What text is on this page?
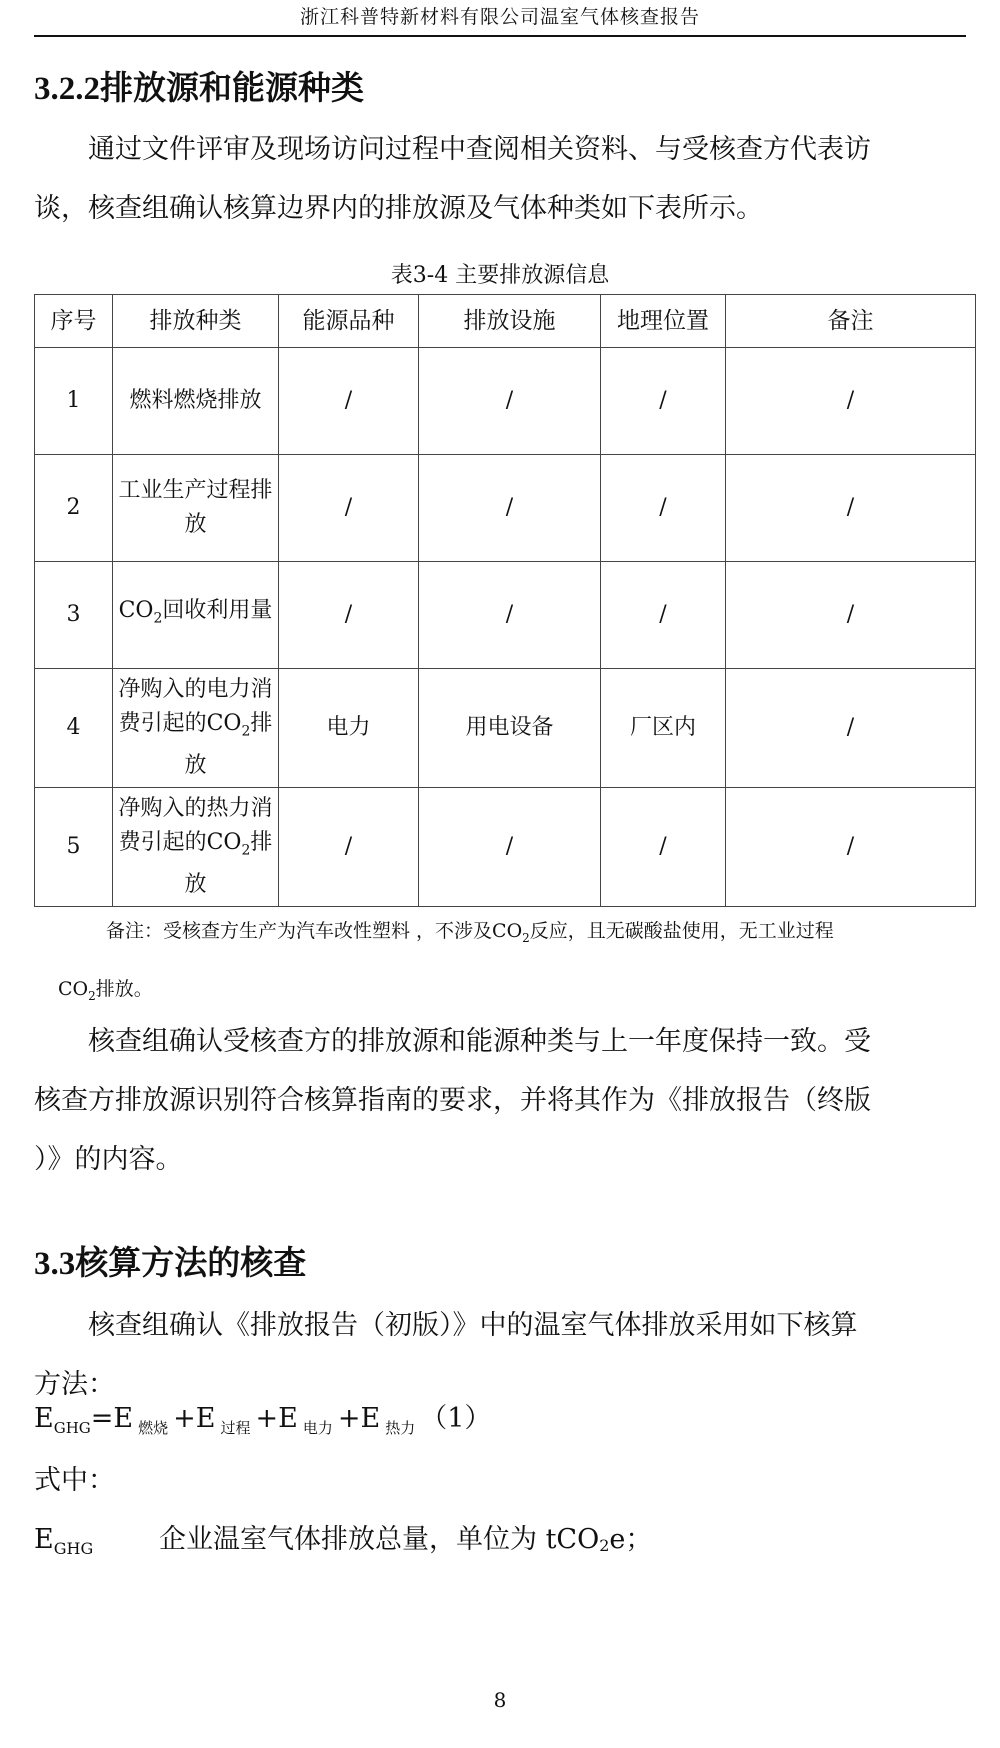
浙江科普特新材料有限公司温室气体核查报告
3.2.2排放源和能源种类
通过文件评审及现场访问过程中查阅相关资料、与受核查方代表访
谈，核查组确认核算边界内的排放源及气体种类如下表所示。
表3-4 主要排放源信息
序号	排放种类	能源品种	排放设施	地理位置	备注
1	燃料燃烧排放	/	/	/	/
2	工业生产过程排放	/	/	/	/
3	$CO_2$回收利用量	/	/	/	/
4	净购入的电力消费引起的$CO_2$排放	电力	用电设备	厂区内	/
5	净购入的热力消费引起的$CO_2$排放	/	/	/	/
备注：受核查方生产为汽车改性塑料 ，不涉及$CO_2$反应，且无碳酸盐使用，无工业过程
$CO_2$排放。
核查组确认受核查方的排放源和能源种类与上一年度保持一致。受
核查方排放源识别符合核算指南的要求，并将其作为《排放报告（终版
）》的内容。
3.3核算方法的核查
核查组确认《排放报告（初版）》中的温室气体排放采用如下核算
方法：
$E_{GHG}=E$ $_{燃烧}$ +E $_{过程}$ +E $_{电力}$ +E $_{热力}$ （1）
式中：
$E_{GHG}$ 企业温室气体排放总量，单位为 tCO2e；
8
